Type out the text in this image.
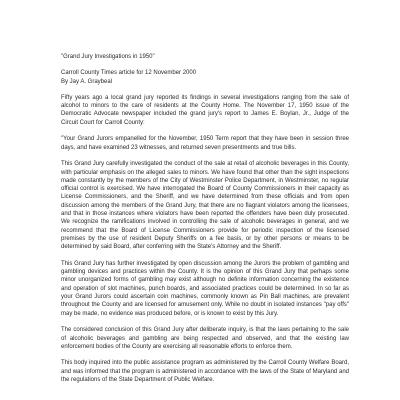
"Grand Jury Investigations in 1950"

Carroll County Times article for 12 November 2000

By Jay A. Graybeal

Fifty years ago a local grand jury reported its findings in several investigations ranging from the sale of alcohol to minors to the care of residents at the County Home. The November 17, 1950 issue of the Democratic Advocate newspaper included the grand jury's report to James E. Boylan, Jr., Judge of the Circuit Court for Carroll County:

"Your Grand Jurors empanelled for the November, 1950 Term report that they have been in session three days, and have examined 23 witnesses, and returned seven presentments and true bills.

This Grand Jury carefully investigated the conduct of the sale at retail of alcoholic beverages in this County, with particular emphasis on the alleged sales to minors. We have found that other than the sight inspections made constantly by the members of the City of Westminster Police Department, in Westminster, no regular official control is exercised. We have interrogated the Board of County Commissioners in their capacity as License Commissioners, and the Sheriff, and we have determined from these officials and from open discussion among the members of the Grand Jury, that there are no flagrant violators among the licensees, and that in those instances where violators have been reported the offenders have been duly prosecuted. We recognize the ramifications involved in controlling the sale of alcoholic beverages in general, and we recommend that the Board of License Commissioners provide for periodic inspection of the licensed premises by the use of resident Deputy Sheriffs on a fee basis, or by other persons or means to be determined by said Board, after conferring with the State's Attorney and the Sheriff.

This Grand Jury has further investigated by open discussion among the Jurors the problem of gambling and gambling devices and practices within the County. It is the opinion of this Grand Jury that perhaps some minor unorganized forms of gambling may exist although no definite information concerning the existence and operation of slot machines, punch boards, and associated practices could be determined. In so far as your Grand Jurors could ascertain coin machines, commonly known as Pin Ball machines, are prevalent throughout the County and are licensed for amusement only. While no doubt in isolated instances "pay offs" may be made, no evidence was produced before, or is known to exist by this Jury.

The considered conclusion of this Grand Jury after deliberate inquiry, is that the laws pertaining to the sale of alcoholic beverages and gambling are being respected and observed, and that the existing law enforcement bodies of the County are exercising all reasonable efforts to enforce them.

This body inquired into the public assistance program as administered by the Carroll County Welfare Board, and was informed that the program is administered in accordance with the laws of the State of Maryland and the regulations of the State Department of Public Welfare.
